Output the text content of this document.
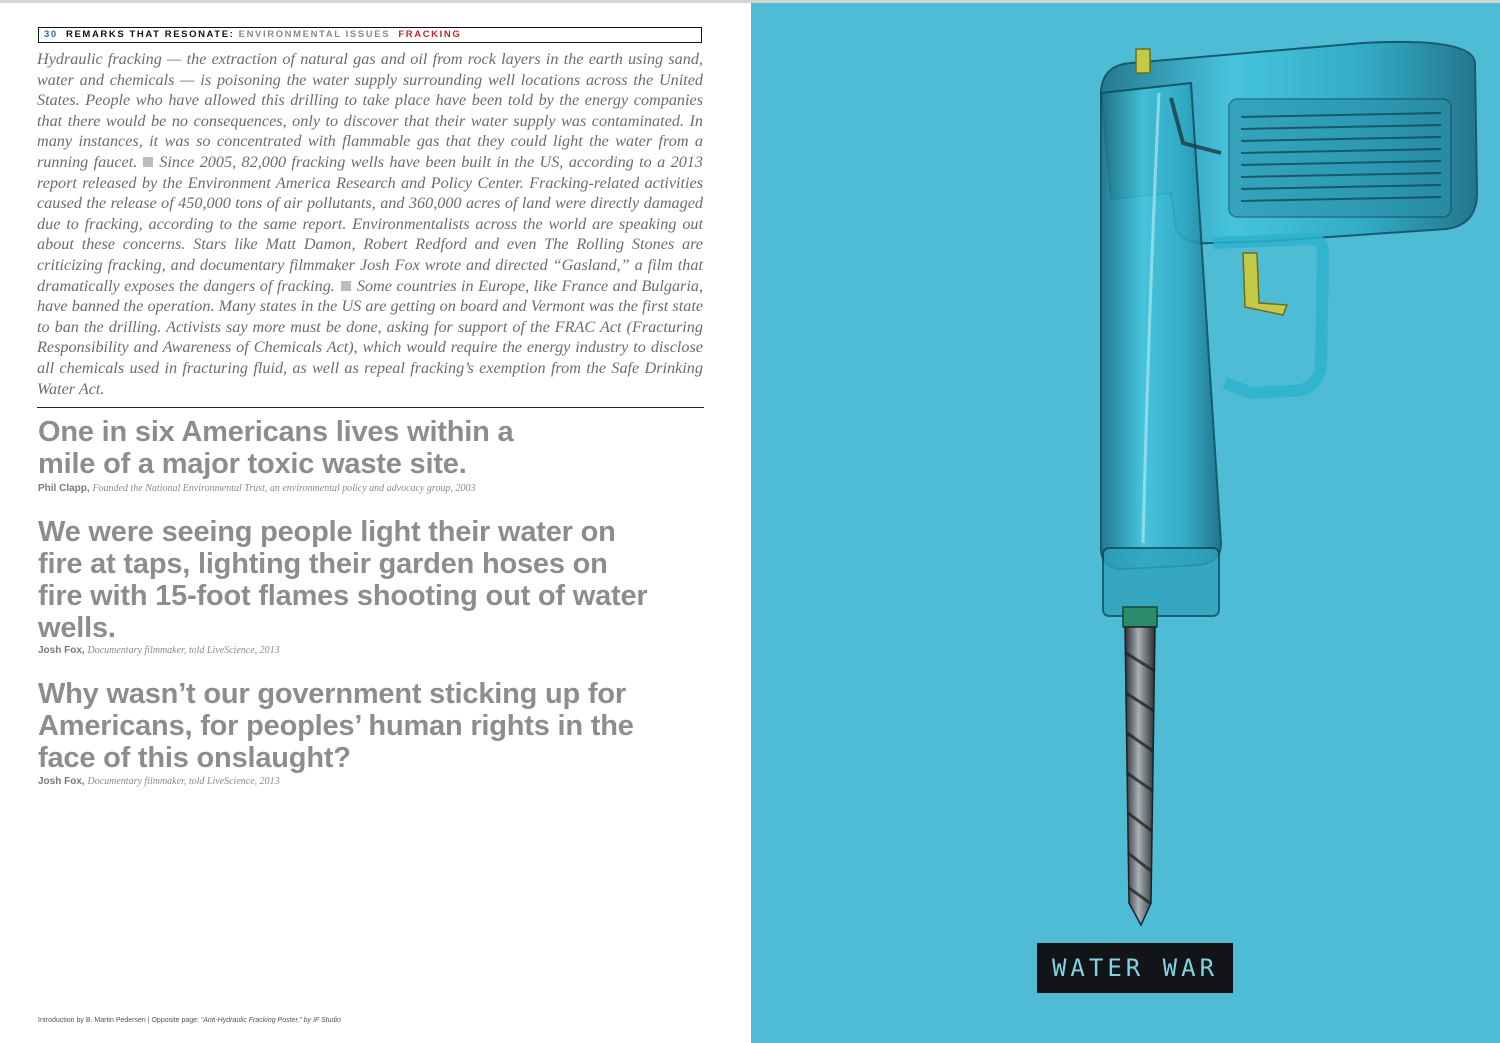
30 REMARKS THAT RESONATE: ENVIRONMENTAL ISSUES FRACKING
Hydraulic fracking — the extraction of natural gas and oil from rock layers in the earth using sand, water and chemicals — is poisoning the water supply surrounding well locations across the United States. People who have allowed this drilling to take place have been told by the energy companies that there would be no consequences, only to discover that their water supply was contaminated. In many instances, it was so concentrated with flammable gas that they could light the water from a running faucet. Since 2005, 82,000 fracking wells have been built in the US, according to a 2013 report released by the Environment America Research and Policy Center. Fracking-related activities caused the release of 450,000 tons of air pollutants, and 360,000 acres of land were directly damaged due to fracking, according to the same report. Environmentalists across the world are speaking out about these concerns. Stars like Matt Damon, Robert Redford and even The Rolling Stones are criticizing fracking, and documentary filmmaker Josh Fox wrote and directed “Gasland,” a film that dramatically exposes the dangers of fracking. Some countries in Europe, like France and Bulgaria, have banned the operation. Many states in the US are getting on board and Vermont was the first state to ban the drilling. Activists say more must be done, asking for support of the FRAC Act (Fracturing Responsibility and Awareness of Chemicals Act), which would require the energy industry to disclose all chemicals used in fracturing fluid, as well as repeal fracking’s exemption from the Safe Drinking Water Act.

One in six Americans lives within a mile of a major toxic waste site.

Phil Clapp, Founded the National Environmental Trust, an environmental policy and advocacy group, 2003

We were seeing people light their water on fire at taps, lighting their garden hoses on fire with 15-foot flames shooting out of water wells.

Josh Fox, Documentary filmmaker, told LiveScience, 2013

Why wasn’t our government sticking up for Americans, for peoples’ human rights in the face of this onslaught?

Josh Fox, Documentary filmmaker, told LiveScience, 2013
Introduction by B. Martin Pedersen | Opposite page: “Anti-Hydraulic Fracking Poster,” by IF Studio
WATER WAR
